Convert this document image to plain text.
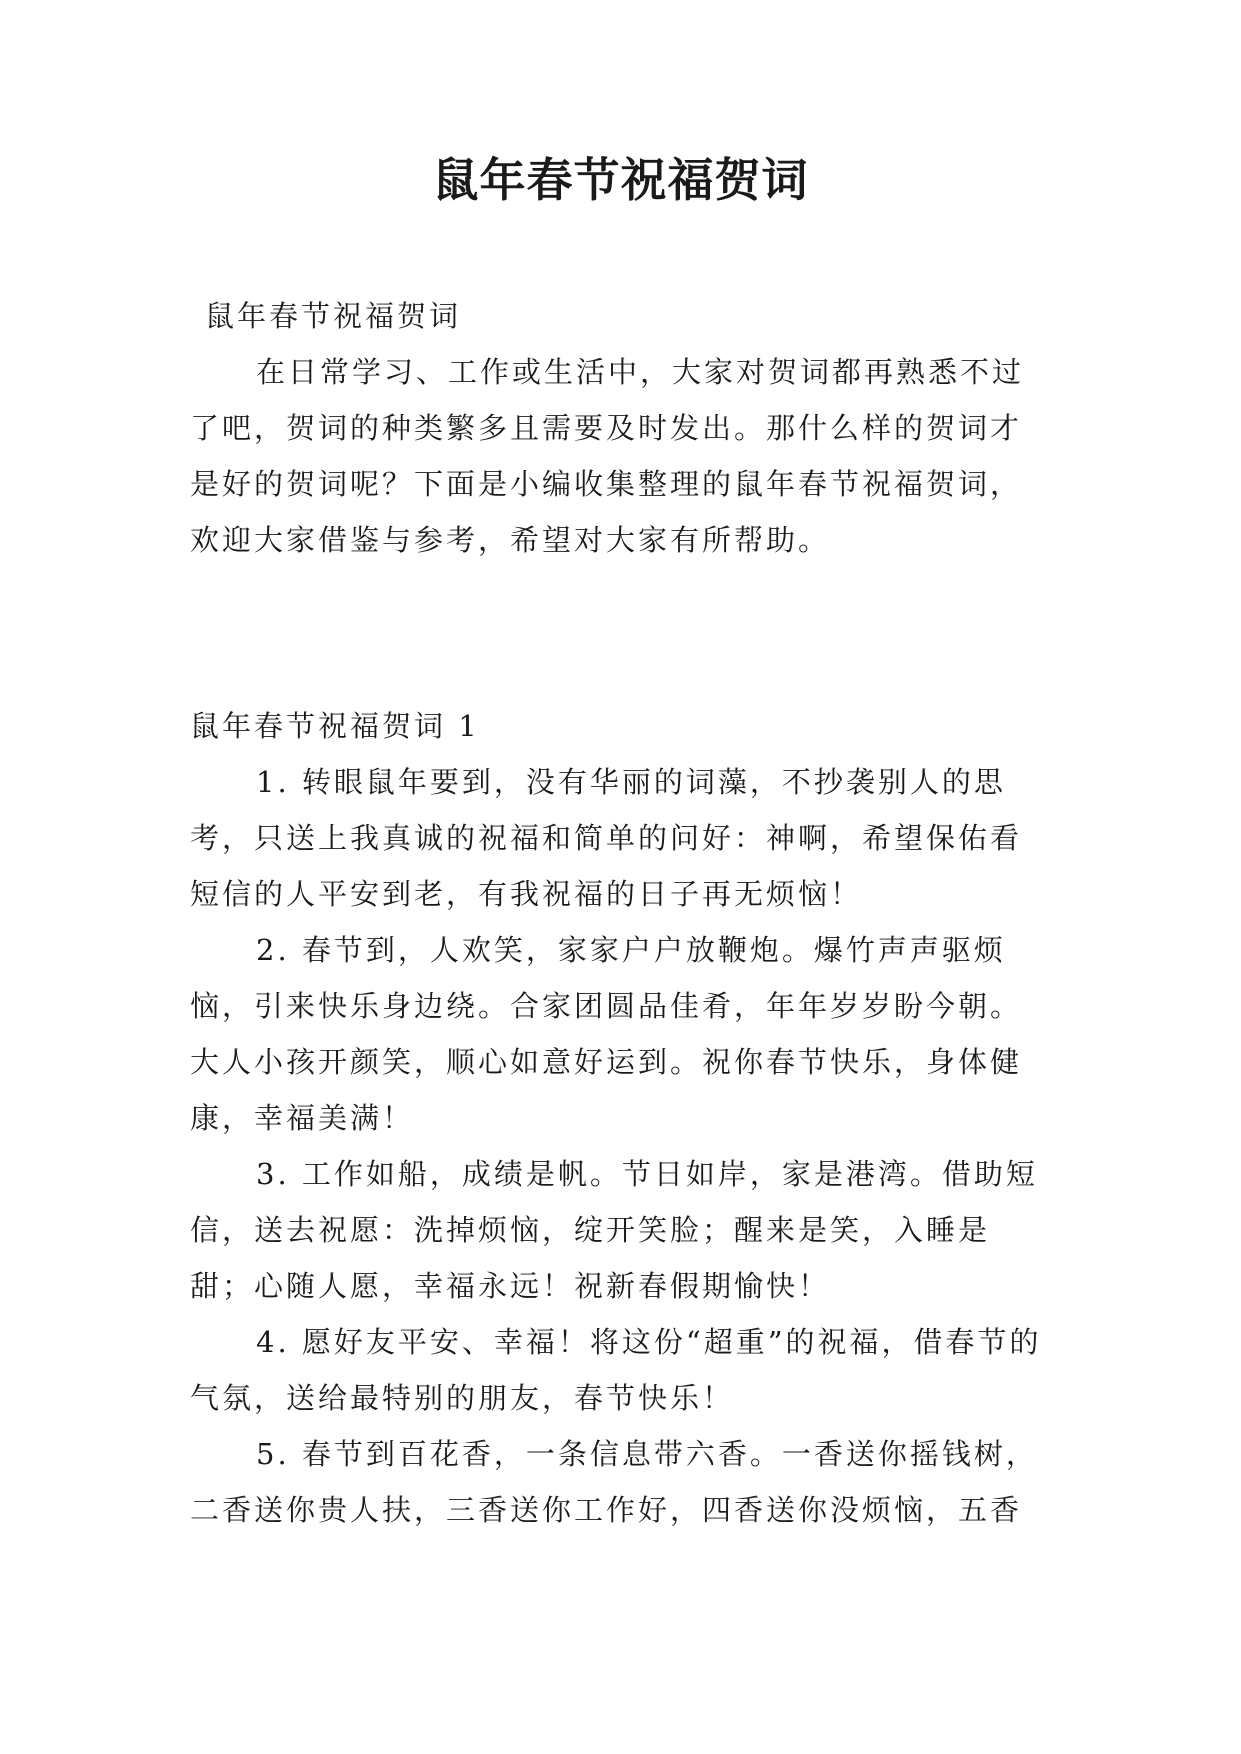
鼠年春节祝福贺词
鼠年春节祝福贺词
在日常学习、工作或生活中，大家对贺词都再熟悉不过了吧，贺词的种类繁多且需要及时发出。那什么样的贺词才是好的贺词呢？下面是小编收集整理的鼠年春节祝福贺词，欢迎大家借鉴与参考，希望对大家有所帮助。
鼠年春节祝福贺词 1

1. 转眼鼠年要到，没有华丽的词藻，不抄袭别人的思考，只送上我真诚的祝福和简单的问好：神啊，希望保佑看短信的人平安到老，有我祝福的日子再无烦恼！

2. 春节到，人欢笑，家家户户放鞭炮。爆竹声声驱烦恼，引来快乐身边绕。合家团圆品佳肴，年年岁岁盼今朝。大人小孩开颜笑，顺心如意好运到。祝你春节快乐，身体健康，幸福美满！

3. 工作如船，成绩是帆。节日如岸，家是港湾。借助短信，送去祝愿：洗掉烦恼，绽开笑脸；醒来是笑，入睡是甜；心随人愿，幸福永远！祝新春假期愉快！

4. 愿好友平安、幸福！将这份“超重”的祝福，借春节的气氛，送给最特别的朋友，春节快乐！

5. 春节到百花香，一条信息带六香。一香送你摇钱树，二香送你贵人扶，三香送你工作好，四香送你没烦恼，五香
